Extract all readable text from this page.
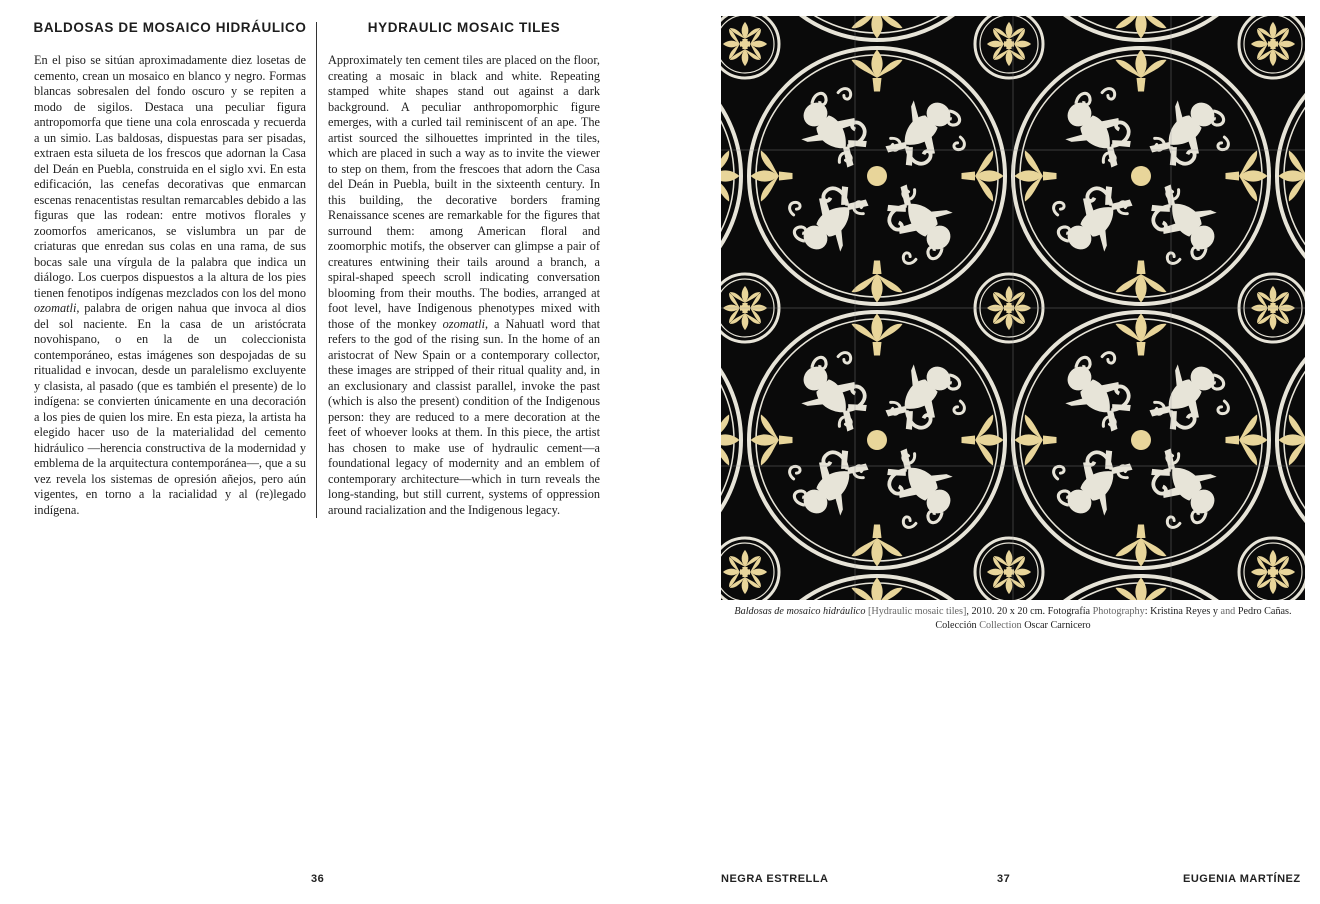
BALDOSAS DE MOSAICO HIDRÁULICO	HYDRAULIC MOSAIC TILES

En el piso se sitúan aproximadamente diez losetas de cemento, crean un mosaico en blanco y negro. Formas blancas sobresalen del fondo oscuro y se repiten a modo de sigilos. Destaca una peculiar figura antropomorfa que tiene una cola enroscada y recuerda a un simio. Las baldosas, dispuestas para ser pisadas, extraen esta silueta de los frescos que adornan la Casa del Deán en Puebla, construida en el siglo xvi. En esta edificación, las cenefas decorativas que enmarcan escenas renacentistas resultan remarcables debido a las figuras que las rodean: entre motivos florales y zoomorfos americanos, se vislumbra un par de criaturas que enredan sus colas en una rama, de sus bocas sale una vírgula de la palabra que indica un diálogo. Los cuerpos dispuestos a la altura de los pies tienen fenotipos indígenas mezclados con los del mono ozomatli, palabra de origen nahua que invoca al dios del sol naciente. En la casa de un aristócrata novohispano, o en la de un coleccionista contemporáneo, estas imágenes son despojadas de su ritualidad e invocan, desde un paralelismo excluyente y clasista, al pasado (que es también el presente) de lo indígena: se convierten únicamente en una decoración a los pies de quien los mire. En esta pieza, la artista ha elegido hacer uso de la materialidad del cemento hidráulico —herencia constructiva de la modernidad y emblema de la arquitectura contemporánea—, que a su vez revela los sistemas de opresión añejos, pero aún vigentes, en torno a la racialidad y al (re)legado indígena.

Approximately ten cement tiles are placed on the floor, creating a mosaic in black and white. Repeating stamped white shapes stand out against a dark background. A peculiar anthropomorphic figure emerges, with a curled tail reminiscent of an ape. The artist sourced the silhouettes imprinted in the tiles, which are placed in such a way as to invite the viewer to step on them, from the frescoes that adorn the Casa del Deán in Puebla, built in the sixteenth century. In this building, the decorative borders framing Renaissance scenes are remarkable for the figures that surround them: among American floral and zoomorphic motifs, the observer can glimpse a pair of creatures entwining their tails around a branch, a spiral-shaped speech scroll indicating conversation blooming from their mouths. The bodies, arranged at foot level, have Indigenous phenotypes mixed with those of the monkey ozomatli, a Nahuatl word that refers to the god of the rising sun. In the home of an aristocrat of New Spain or a contemporary collector, these images are stripped of their ritual quality and, in an exclusionary and classist parallel, invoke the past (which is also the present) condition of the Indigenous person: they are reduced to a mere decoration at the feet of whoever looks at them. In this piece, the artist has chosen to make use of hydraulic cement—a foundational legacy of modernity and an emblem of contemporary architecture—which in turn reveals the long-standing, but still current, systems of oppression around racialization and the Indigenous legacy.

Baldosas de mosaico hidráulico [Hydraulic mosaic tiles], 2010. 20 x 20 cm. Fotografía Photography: Kristina Reyes y and Pedro Cañas.
Colección Collection Oscar Carnicero
36	NEGRA ESTRELLA	37	EUGENIA MARTÍNEZ
